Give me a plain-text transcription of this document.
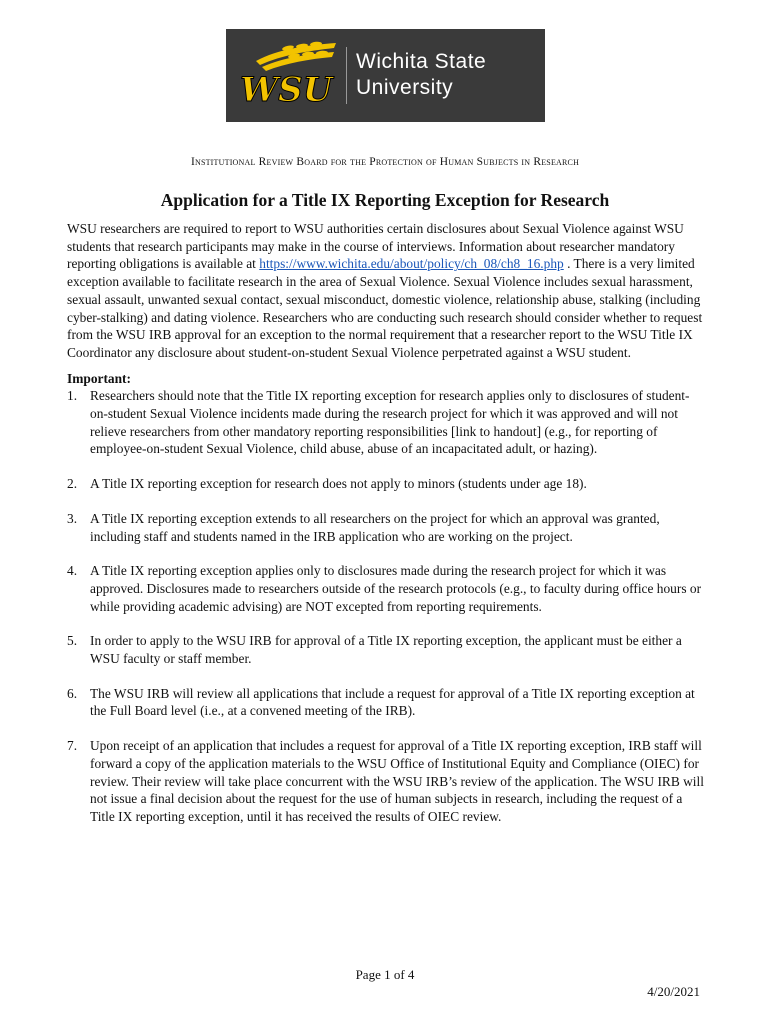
WSU
Wichita State
University
Institutional Review Board for the Protection of Human Subjects in Research
Application for a Title IX Reporting Exception for Research

WSU researchers are required to report to WSU authorities certain disclosures about Sexual Violence against WSU students that research participants may make in the course of interviews. Information about researcher mandatory reporting obligations is available at https://www.wichita.edu/about/policy/ch_08/ch8_16.php . There is a very limited exception available to facilitate research in the area of Sexual Violence. Sexual Violence includes sexual harassment, sexual assault, unwanted sexual contact, sexual misconduct, domestic violence, relationship abuse, stalking (including cyber-stalking) and dating violence. Researchers who are conducting such research should consider whether to request from the WSU IRB approval for an exception to the normal requirement that a researcher report to the WSU Title IX Coordinator any disclosure about student-on-student Sexual Violence perpetrated against a WSU student.

Important:
1. Researchers should note that the Title IX reporting exception for research applies only to disclosures of student-on-student Sexual Violence incidents made during the research project for which it was approved and will not relieve researchers from other mandatory reporting responsibilities [link to handout] (e.g., for reporting of employee-on-student Sexual Violence, child abuse, abuse of an incapacitated adult, or hazing).
2. A Title IX reporting exception for research does not apply to minors (students under age 18).
3. A Title IX reporting exception extends to all researchers on the project for which an approval was granted, including staff and students named in the IRB application who are working on the project.
4. A Title IX reporting exception applies only to disclosures made during the research project for which it was approved. Disclosures made to researchers outside of the research protocols (e.g., to faculty during office hours or while providing academic advising) are NOT excepted from reporting requirements.
5. In order to apply to the WSU IRB for approval of a Title IX reporting exception, the applicant must be either a WSU faculty or staff member.
6. The WSU IRB will review all applications that include a request for approval of a Title IX reporting exception at the Full Board level (i.e., at a convened meeting of the IRB).
7. Upon receipt of an application that includes a request for approval of a Title IX reporting exception, IRB staff will forward a copy of the application materials to the WSU Office of Institutional Equity and Compliance (OIEC) for review. Their review will take place concurrent with the WSU IRB’s review of the application. The WSU IRB will not issue a final decision about the request for the use of human subjects in research, including the request of a Title IX reporting exception, until it has received the results of OIEC review.
Page 1 of 4
4/20/2021
